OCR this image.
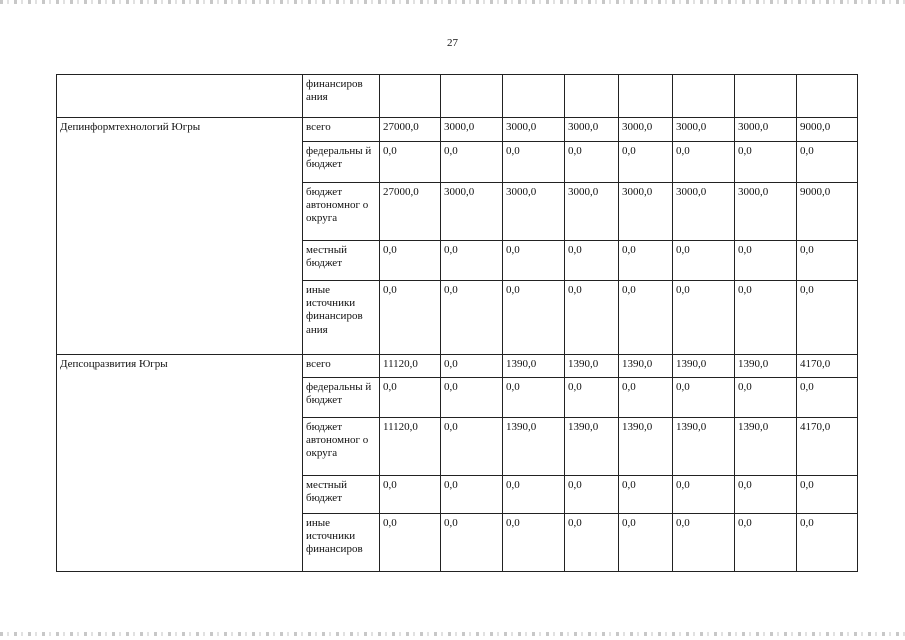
27
	финансиров ания								
Депинформтехнологий Югры	всего	27000,0	3000,0	3000,0	3000,0	3000,0	3000,0	3000,0	9000,0
	федеральны й бюджет	0,0	0,0	0,0	0,0	0,0	0,0	0,0	0,0
	бюджет автономног о округа	27000,0	3000,0	3000,0	3000,0	3000,0	3000,0	3000,0	9000,0
	местный бюджет	0,0	0,0	0,0	0,0	0,0	0,0	0,0	0,0
	иные источники финансиров ания	0,0	0,0	0,0	0,0	0,0	0,0	0,0	0,0
Депсоцразвития Югры	всего	11120,0	0,0	1390,0	1390,0	1390,0	1390,0	1390,0	4170,0
	федеральны й бюджет	0,0	0,0	0,0	0,0	0,0	0,0	0,0	0,0
	бюджет автономног о округа	11120,0	0,0	1390,0	1390,0	1390,0	1390,0	1390,0	4170,0
	местный бюджет	0,0	0,0	0,0	0,0	0,0	0,0	0,0	0,0
	иные источники финансиров	0,0	0,0	0,0	0,0	0,0	0,0	0,0	0,0
